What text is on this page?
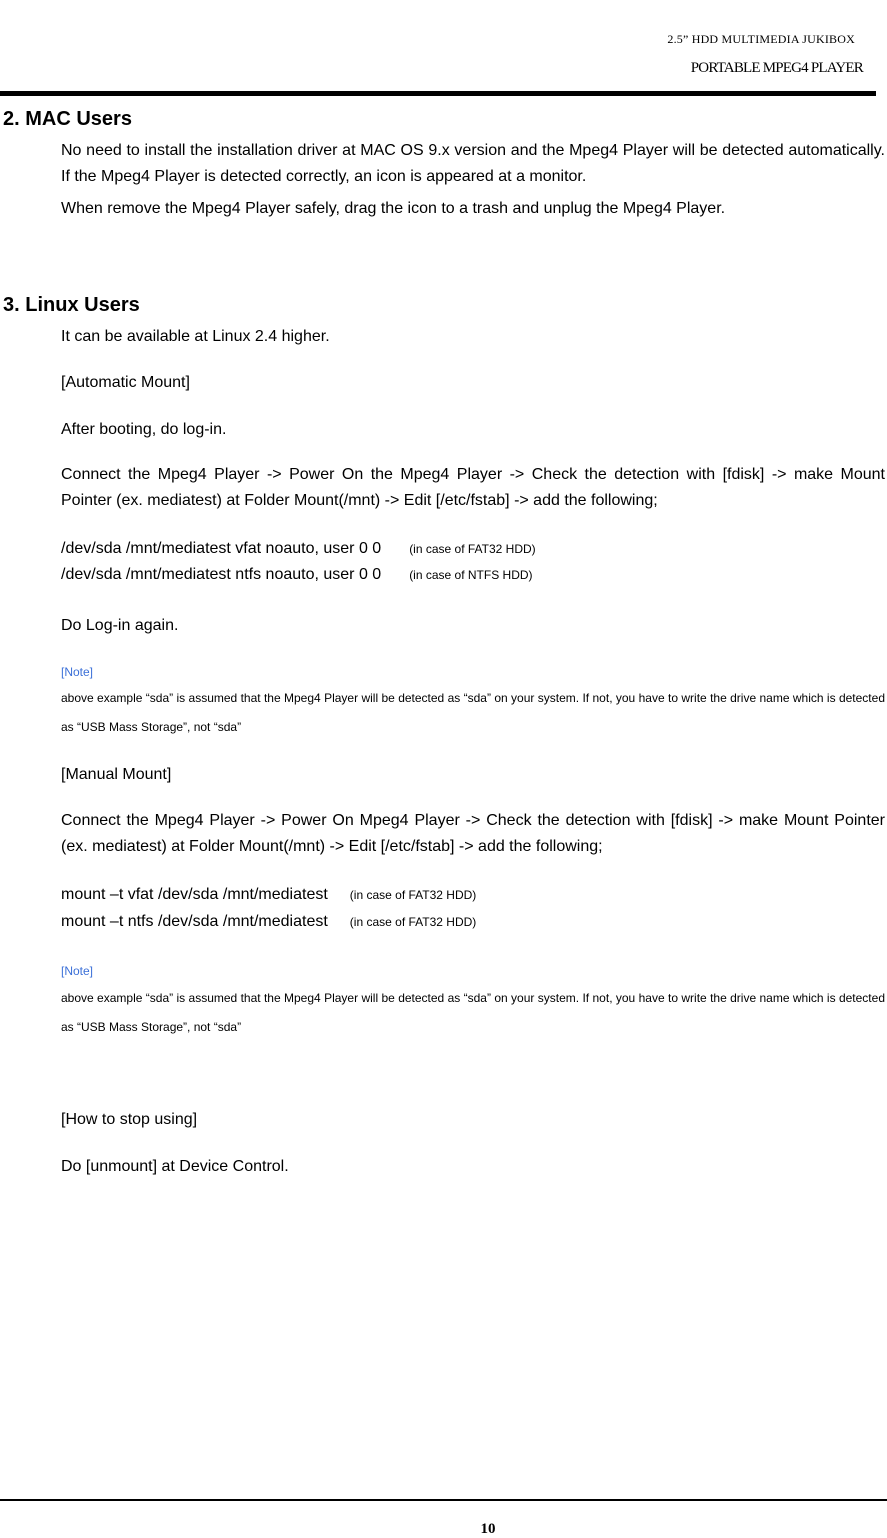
2.5” HDD MULTIMEDIA JUKIBOX
PORTABLE MPEG4 PLAYER
2. MAC Users

No need to install the installation driver at MAC OS 9.x version and the Mpeg4 Player will be detected automatically. If the Mpeg4 Player is detected correctly, an icon is appeared at a monitor.

When remove the Mpeg4 Player safely, drag the icon to a trash and unplug the Mpeg4 Player.

3. Linux Users

It can be available at Linux 2.4 higher.

[Automatic Mount]

After booting, do log-in.

Connect the Mpeg4 Player -> Power On the Mpeg4 Player -> Check the detection with [fdisk] -> make Mount Pointer (ex. mediatest) at Folder Mount(/mnt) -> Edit [/etc/fstab] -> add the following;

/dev/sda /mnt/mediatest vfat noauto, user 0 0 (in case of FAT32 HDD)

/dev/sda /mnt/mediatest ntfs noauto, user 0 0 (in case of NTFS HDD)

Do Log-in again.

[Note]

above example “sda” is assumed that the Mpeg4 Player will be detected as “sda” on your system. If not, you have to write the drive name which is detected as “USB Mass Storage”, not “sda”

[Manual Mount]

Connect the Mpeg4 Player -> Power On Mpeg4 Player -> Check the detection with [fdisk] -> make Mount Pointer (ex. mediatest) at Folder Mount(/mnt) -> Edit [/etc/fstab] -> add the following;

mount –t vfat /dev/sda /mnt/mediatest (in case of FAT32 HDD)

mount –t ntfs /dev/sda /mnt/mediatest (in case of FAT32 HDD)

[Note]

above example “sda” is assumed that the Mpeg4 Player will be detected as “sda” on your system. If not, you have to write the drive name which is detected as “USB Mass Storage”, not “sda”

[How to stop using]

Do [unmount] at Device Control.

10
